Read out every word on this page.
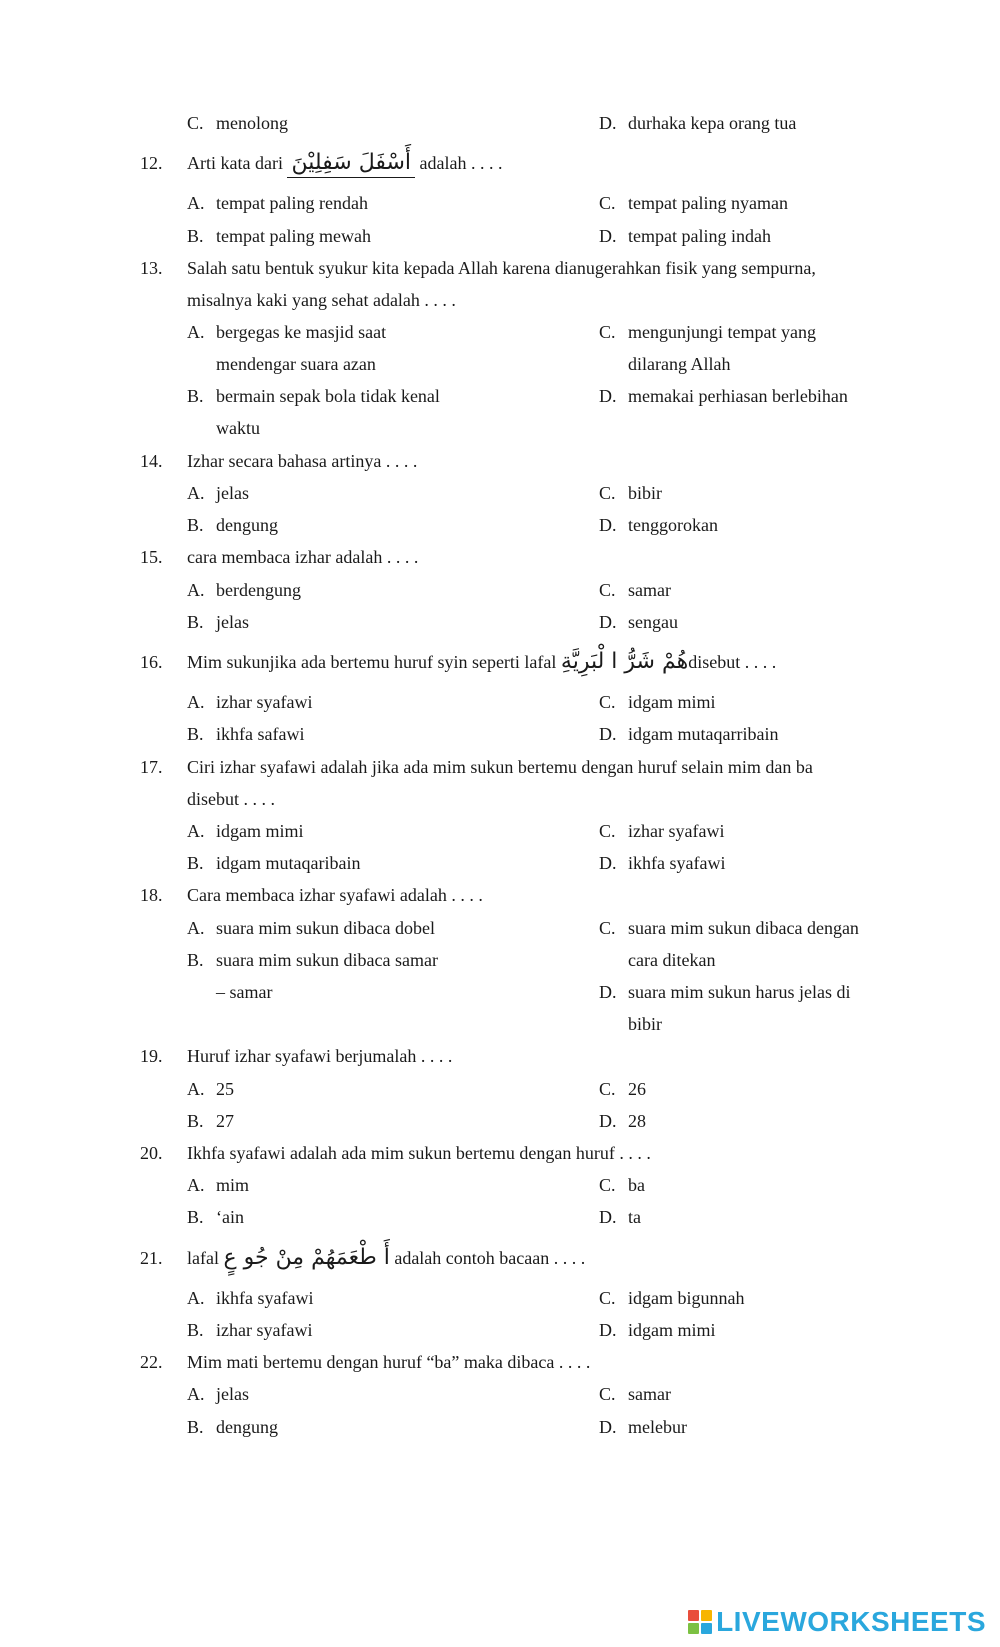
C. menolong	D. durhaka kepa orang tua
12. Arti kata dari أَسْفَلَ سَفِلِيْنَ adalah . . . .
A. tempat paling rendah	C. tempat paling nyaman
B. tempat paling mewah	D. tempat paling indah
13. Salah satu bentuk syukur kita kepada Allah karena dianugerahkan fisik yang sempurna,
misalnya kaki yang sehat adalah . . . .
A. bergegas ke masjid saat	C. mengunjungi tempat yang
mendengar suara azan	dilarang Allah
B. bermain sepak bola tidak kenal	D. memakai perhiasan berlebihan
waktu
14. Izhar secara bahasa artinya . . . .
A. jelas	C. bibir
B. dengung	D. tenggorokan
15. cara membaca izhar adalah . . . .
A. berdengung	C. samar
B. jelas	D. sengau
16. Mim sukunjika ada bertemu huruf syin seperti lafal هُمْ شَرُّ ا لْبَرِيَّةِdisebut . . . .
A. izhar syafawi	C. idgam mimi
B. ikhfa safawi	D. idgam mutaqarribain
17. Ciri izhar syafawi adalah jika ada mim sukun bertemu dengan huruf selain mim dan ba
disebut . . . .
A. idgam mimi	C. izhar syafawi
B. idgam mutaqaribain	D. ikhfa syafawi
18. Cara membaca izhar syafawi adalah . . . .
A. suara mim sukun dibaca dobel	C. suara mim sukun dibaca dengan
B. suara mim sukun dibaca samar	cara ditekan
– samar	D. suara mim sukun harus jelas di
bibir
19. Huruf izhar syafawi berjumalah . . . .
A. 25	C. 26
B. 27	D. 28
20. Ikhfa syafawi adalah ada mim sukun bertemu dengan huruf . . . .
A. mim	C. ba
B. ‘ain	D. ta
21. lafal أَ طْعَمَهُمْ مِنْ جُو عٍ adalah contoh bacaan . . . .
A. ikhfa syafawi	C. idgam bigunnah
B. izhar syafawi	D. idgam mimi
22. Mim mati bertemu dengan huruf “ba” maka dibaca . . . .
A. jelas	C. samar
B. dengung	D. melebur
LIVEWORKSHEETS
